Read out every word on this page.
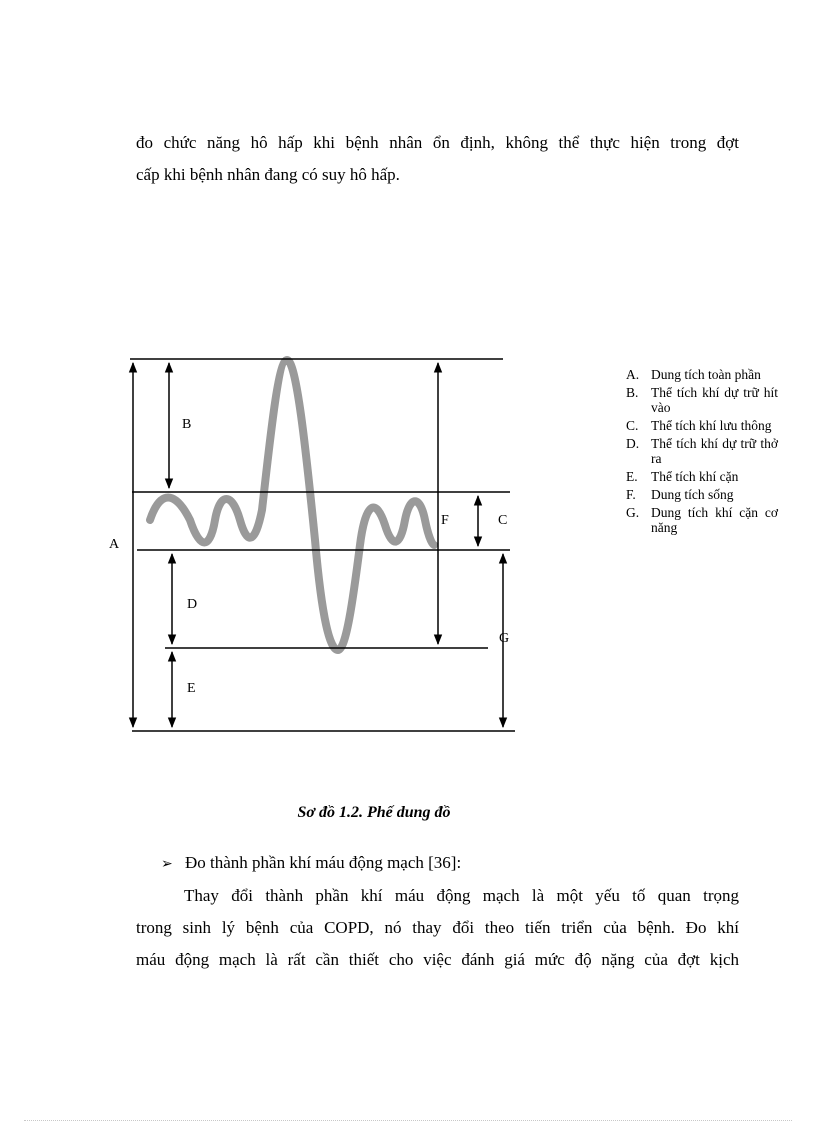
đo chức năng hô hấp khi bệnh nhân ổn định, không thể thực hiện trong đợt

cấp khi bệnh nhân đang có suy hô hấp.

A
B
C
D
E
F
G
A. Dung tích toàn phần
B. Thể tích khí dự trữ hít vào
C. Thể tích khí lưu thông
D. Thể tích khí dự trữ thở ra
E. Thể tích khí cặn
F. Dung tích sống
G. Dung tích khí cặn cơ năng

Sơ đồ 1.2. Phế dung đồ

➢ Đo thành phần khí máu động mạch [36]:

Thay đổi thành phần khí máu động mạch là một yếu tố quan trọng

trong sinh lý bệnh của COPD, nó thay đổi theo tiến triển của bệnh. Đo khí

máu động mạch là rất cần thiết cho việc đánh giá mức độ nặng của đợt kịch
